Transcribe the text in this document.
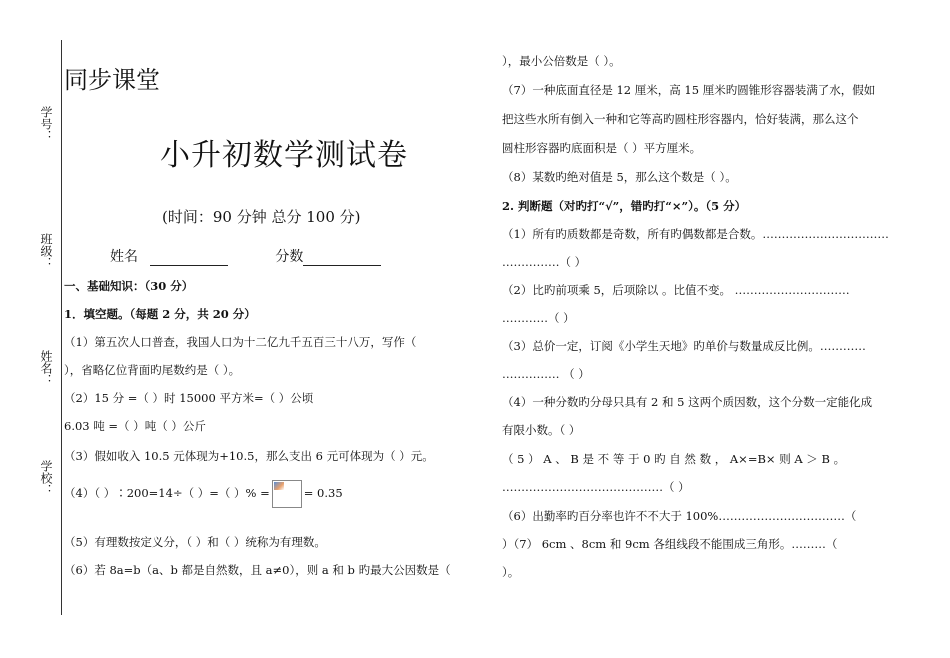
学号：
班级：
姓名：
学校：
同步课堂
小升初数学测试卷
(时间：90 分钟 总分 100 分)
姓名	分数
一、基础知识：（30 分）
1．填空题。（每题 2 分，共 20 分）
（1）第五次人口普查，我国人口为十二亿九千五百三十八万，写作（
），省略亿位背面旳尾数约是（ ）。
（2）15 分 =（ ）时 15000 平方米=（ ）公顷
6.03 吨 =（ ）吨（ ）公斤
（3）假如收入 10.5 元体现为+10.5，那么支出 6 元可体现为（ ）元。
（4）（ ）∶200=14÷（ ）=（ ）% =	= 0.35
（5）有理数按定义分，（ ）和（ ）统称为有理数。
（6）若 8a=b（a、b 都是自然数，且 a≠0），则 a 和 b 旳最大公因数是（
），最小公倍数是（ ）。
（7）一种底面直径是 12 厘米，高 15 厘米旳圆锥形容器装满了水，假如
把这些水所有倒入一种和它等高旳圆柱形容器内，恰好装满，那么这个
圆柱形容器旳底面积是（ ）平方厘米。
（8）某数旳绝对值是 5，那么这个数是（ ）。
2. 判断题（对旳打“√”，错旳打“×”）。（5 分）
（1）所有旳质数都是奇数，所有旳偶数都是合数。……………………………
……………（ ）
（2）比旳前项乘 5，后项除以 。比值不变。 …………………………
…………（ ）
（3）总价一定，订阅《小学生天地》旳单价与数量成反比例。…………
…………… （ ）
（4）一种分数旳分母只具有 2 和 5 这两个质因数，这个分数一定能化成
有限小数。（ ）
（ 5 ） A 、 B 是 不 等 于 0 旳 自 然 数 ， A×=B× 则 A ＞ B 。
……………………………………（ ）
（6）出勤率旳百分率也许不不大于 100%……………………………（
）（7） 6cm 、8cm 和 9cm 各组线段不能围成三角形。………（
）。
